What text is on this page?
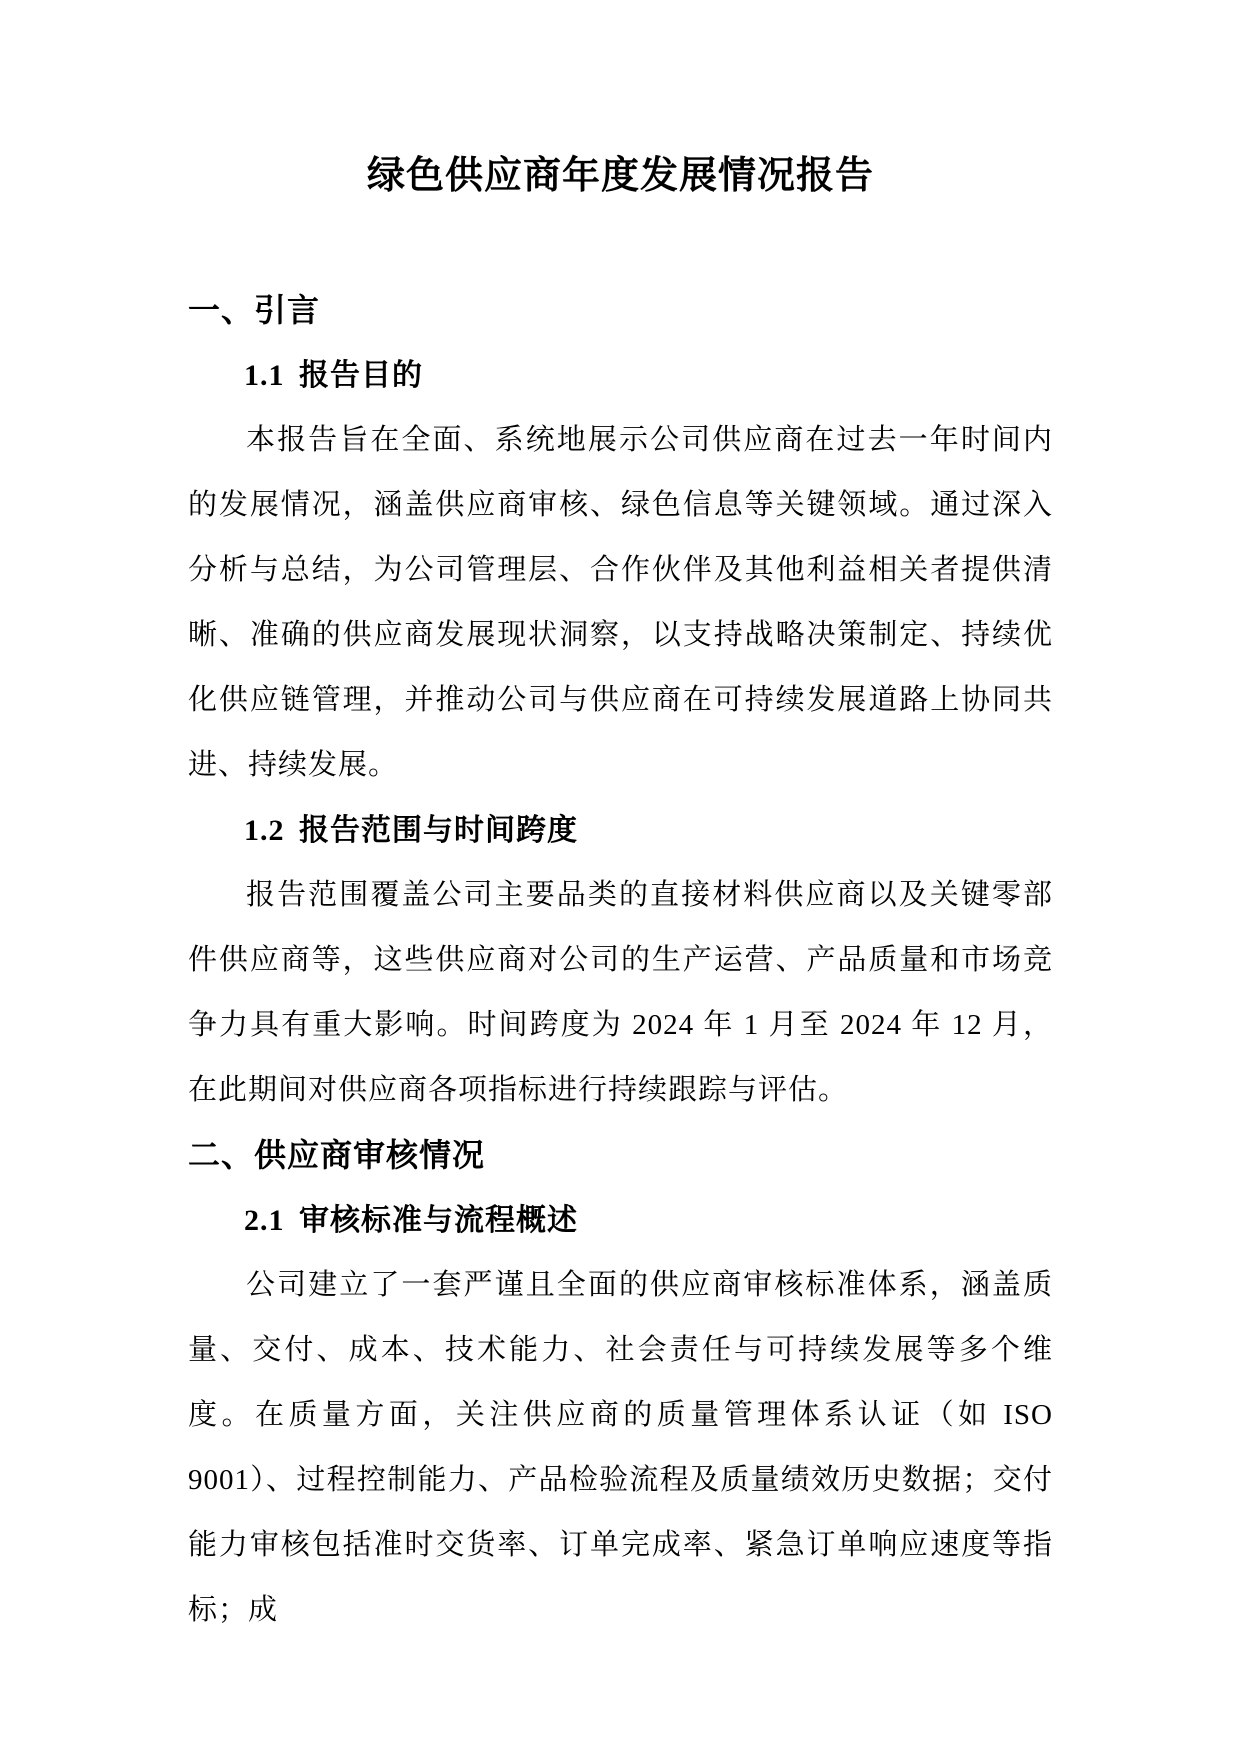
绿色供应商年度发展情况报告
一、引言
1.1 报告目的

本报告旨在全面、系统地展示公司供应商在过去一年时间内的发展情况，涵盖供应商审核、绿色信息等关键领域。通过深入分析与总结，为公司管理层、合作伙伴及其他利益相关者提供清晰、准确的供应商发展现状洞察，以支持战略决策制定、持续优化供应链管理，并推动公司与供应商在可持续发展道路上协同共进、持续发展。

1.2 报告范围与时间跨度

报告范围覆盖公司主要品类的直接材料供应商以及关键零部件供应商等，这些供应商对公司的生产运营、产品质量和市场竞争力具有重大影响。时间跨度为 2024 年 1 月至 2024 年 12 月，在此期间对供应商各项指标进行持续跟踪与评估。

二、供应商审核情况
2.1 审核标准与流程概述

公司建立了一套严谨且全面的供应商审核标准体系，涵盖质量、交付、成本、技术能力、社会责任与可持续发展等多个维度。在质量方面，关注供应商的质量管理体系认证（如 ISO 9001）、过程控制能力、产品检验流程及质量绩效历史数据；交付能力审核包括准时交货率、订单完成率、紧急订单响应速度等指标；成
